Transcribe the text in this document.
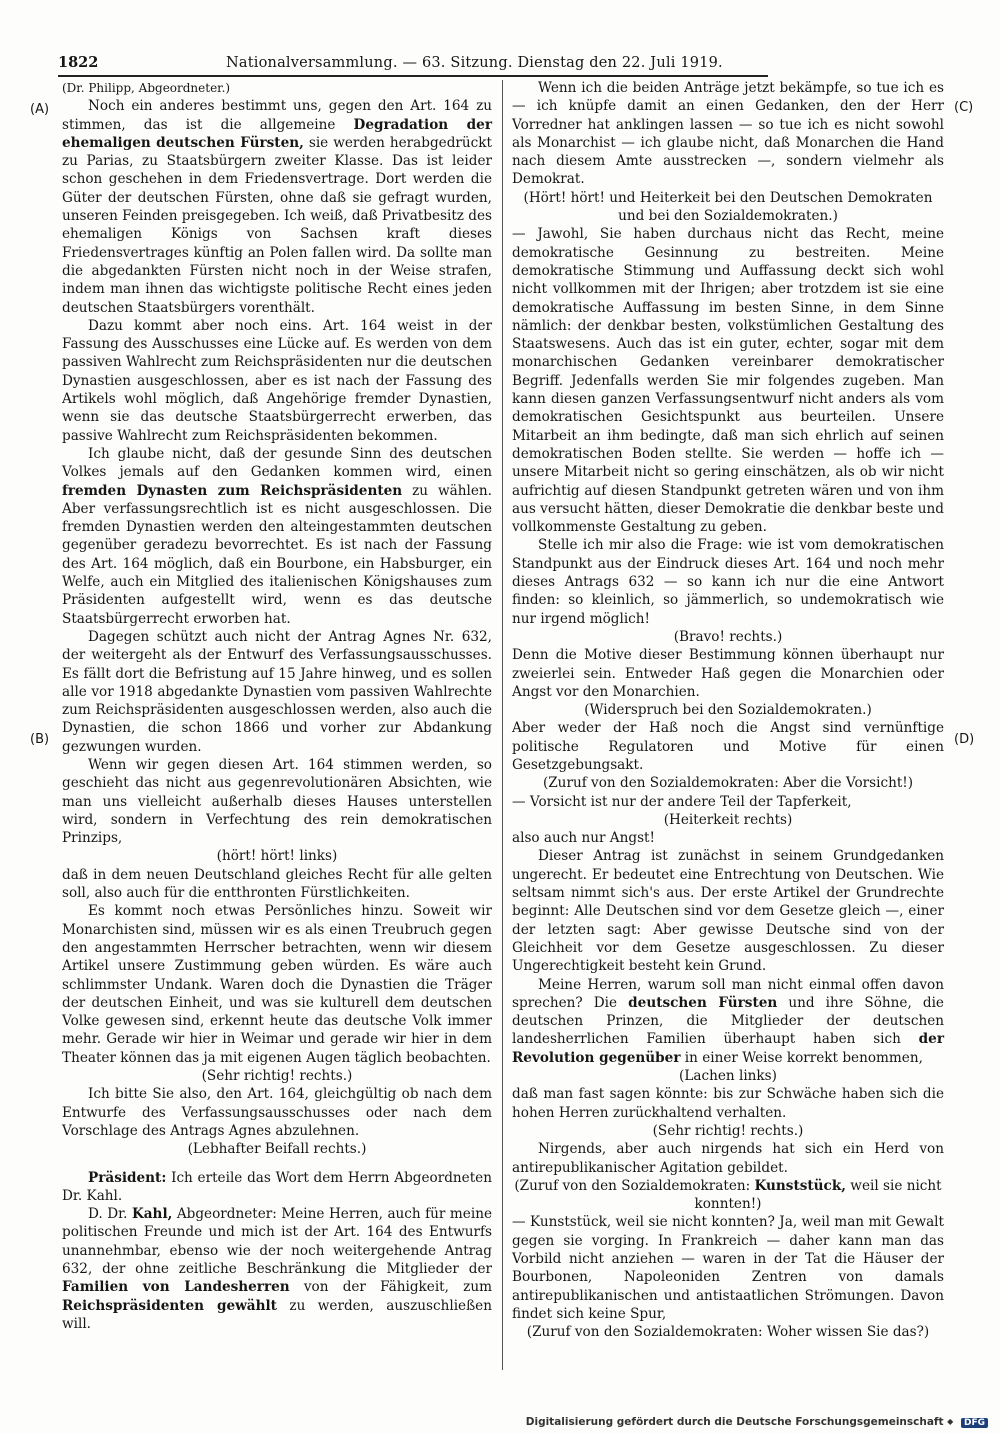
1822	Nationalversammlung. — 63. Sitzung. Dienstag den 22. Juli 1919.
(A)
(B)
(C)
(D)

(Dr. Philipp, Abgeordneter.)

Noch ein anderes bestimmt uns, gegen den Art. 164 zu stimmen, das ist die allgemeine Degradation der ehemaligen deutschen Fürsten, sie werden herabgedrückt zu Parias, zu Staatsbürgern zweiter Klasse. Das ist leider schon geschehen in dem Friedensvertrage. Dort werden die Güter der deutschen Fürsten, ohne daß sie gefragt wurden, unseren Feinden preisgegeben. Ich weiß, daß Privatbesitz des ehemaligen Königs von Sachsen kraft dieses Friedensvertrages künftig an Polen fallen wird. Da sollte man die abgedankten Fürsten nicht noch in der Weise strafen, indem man ihnen das wichtigste politische Recht eines jeden deutschen Staatsbürgers vorenthält.

Dazu kommt aber noch eins. Art. 164 weist in der Fassung des Ausschusses eine Lücke auf. Es werden von dem passiven Wahlrecht zum Reichspräsidenten nur die deutschen Dynastien ausgeschlossen, aber es ist nach der Fassung des Artikels wohl möglich, daß Angehörige fremder Dynastien, wenn sie das deutsche Staatsbürgerrecht erwerben, das passive Wahlrecht zum Reichspräsidenten bekommen.

Ich glaube nicht, daß der gesunde Sinn des deutschen Volkes jemals auf den Gedanken kommen wird, einen fremden Dynasten zum Reichspräsidenten zu wählen. Aber verfassungsrechtlich ist es nicht ausgeschlossen. Die fremden Dynastien werden den alteingestammten deutschen gegenüber geradezu bevorrechtet. Es ist nach der Fassung des Art. 164 möglich, daß ein Bourbone, ein Habsburger, ein Welfe, auch ein Mitglied des italienischen Königshauses zum Präsidenten aufgestellt wird, wenn es das deutsche Staatsbürgerrecht erworben hat.

Dagegen schützt auch nicht der Antrag Agnes Nr. 632, der weitergeht als der Entwurf des Verfassungsausschusses. Es fällt dort die Befristung auf 15 Jahre hinweg, und es sollen alle vor 1918 abgedankte Dynastien vom passiven Wahlrechte zum Reichspräsidenten ausgeschlossen werden, also auch die Dynastien, die schon 1866 und vorher zur Abdankung gezwungen wurden.

Wenn wir gegen diesen Art. 164 stimmen werden, so geschieht das nicht aus gegenrevolutionären Absichten, wie man uns vielleicht außerhalb dieses Hauses unterstellen wird, sondern in Verfechtung des rein demokratischen Prinzips,

(hört! hört! links)

daß in dem neuen Deutschland gleiches Recht für alle gelten soll, also auch für die entthronten Fürstlichkeiten.

Es kommt noch etwas Persönliches hinzu. Soweit wir Monarchisten sind, müssen wir es als einen Treubruch gegen den angestammten Herrscher betrachten, wenn wir diesem Artikel unsere Zustimmung geben würden. Es wäre auch schlimmster Undank. Waren doch die Dynastien die Träger der deutschen Einheit, und was sie kulturell dem deutschen Volke gewesen sind, erkennt heute das deutsche Volk immer mehr. Gerade wir hier in Weimar und gerade wir hier in dem Theater können das ja mit eigenen Augen täglich beobachten.

(Sehr richtig! rechts.)

Ich bitte Sie also, den Art. 164, gleichgültig ob nach dem Entwurfe des Verfassungsausschusses oder nach dem Vorschlage des Antrags Agnes abzulehnen.

(Lebhafter Beifall rechts.)

Präsident: Ich erteile das Wort dem Herrn Abgeordneten Dr. Kahl.

D. Dr. Kahl, Abgeordneter: Meine Herren, auch für meine politischen Freunde und mich ist der Art. 164 des Entwurfs unannehmbar, ebenso wie der noch weitergehende Antrag 632, der ohne zeitliche Beschränkung die Mitglieder der Familien von Landesherren von der Fähigkeit, zum Reichspräsidenten gewählt zu werden, auszuschließen will.

Wenn ich die beiden Anträge jetzt bekämpfe, so tue ich es — ich knüpfe damit an einen Gedanken, den der Herr Vorredner hat anklingen lassen — so tue ich es nicht sowohl als Monarchist — ich glaube nicht, daß Monarchen die Hand nach diesem Amte ausstrecken —, sondern vielmehr als Demokrat.

(Hört! hört! und Heiterkeit bei den Deutschen Demokraten und bei den Sozialdemokraten.)

— Jawohl, Sie haben durchaus nicht das Recht, meine demokratische Gesinnung zu bestreiten. Meine demokratische Stimmung und Auffassung deckt sich wohl nicht vollkommen mit der Ihrigen; aber trotzdem ist sie eine demokratische Auffassung im besten Sinne, in dem Sinne nämlich: der denkbar besten, volkstümlichen Gestaltung des Staatswesens. Auch das ist ein guter, echter, sogar mit dem monarchischen Gedanken vereinbarer demokratischer Begriff. Jedenfalls werden Sie mir folgendes zugeben. Man kann diesen ganzen Verfassungsentwurf nicht anders als vom demokratischen Gesichtspunkt aus beurteilen. Unsere Mitarbeit an ihm bedingte, daß man sich ehrlich auf seinen demokratischen Boden stellte. Sie werden — hoffe ich — unsere Mitarbeit nicht so gering einschätzen, als ob wir nicht aufrichtig auf diesen Standpunkt getreten wären und von ihm aus versucht hätten, dieser Demokratie die denkbar beste und vollkommenste Gestaltung zu geben.

Stelle ich mir also die Frage: wie ist vom demokratischen Standpunkt aus der Eindruck dieses Art. 164 und noch mehr dieses Antrags 632 — so kann ich nur die eine Antwort finden: so kleinlich, so jämmerlich, so undemokratisch wie nur irgend möglich!

(Bravo! rechts.)

Denn die Motive dieser Bestimmung können überhaupt nur zweierlei sein. Entweder Haß gegen die Monarchien oder Angst vor den Monarchien.

(Widerspruch bei den Sozialdemokraten.)

Aber weder der Haß noch die Angst sind vernünftige politische Regulatoren und Motive für einen Gesetzgebungsakt.

(Zuruf von den Sozialdemokraten: Aber die Vorsicht!)

— Vorsicht ist nur der andere Teil der Tapferkeit,

(Heiterkeit rechts)

also auch nur Angst!

Dieser Antrag ist zunächst in seinem Grundgedanken ungerecht. Er bedeutet eine Entrechtung von Deutschen. Wie seltsam nimmt sich's aus. Der erste Artikel der Grundrechte beginnt: Alle Deutschen sind vor dem Gesetze gleich —, einer der letzten sagt: Aber gewisse Deutsche sind von der Gleichheit vor dem Gesetze ausgeschlossen. Zu dieser Ungerechtigkeit besteht kein Grund.

Meine Herren, warum soll man nicht einmal offen davon sprechen? Die deutschen Fürsten und ihre Söhne, die deutschen Prinzen, die Mitglieder der deutschen landesherrlichen Familien überhaupt haben sich der Revolution gegenüber in einer Weise korrekt benommen,

(Lachen links)

daß man fast sagen könnte: bis zur Schwäche haben sich die hohen Herren zurückhaltend verhalten.

(Sehr richtig! rechts.)

Nirgends, aber auch nirgends hat sich ein Herd von antirepublikanischer Agitation gebildet.

(Zuruf von den Sozialdemokraten: Kunststück, weil sie nicht konnten!)

— Kunststück, weil sie nicht konnten? Ja, weil man mit Gewalt gegen sie vorging. In Frankreich — daher kann man das Vorbild nicht anziehen — waren in der Tat die Häuser der Bourbonen, Napoleoniden Zentren von damals antirepublikanischen und antistaatlichen Strömungen. Davon findet sich keine Spur,

(Zuruf von den Sozialdemokraten: Woher wissen Sie das?)

Digitalisierung gefördert durch die Deutsche Forschungsgemeinschaft ◆ DFG
